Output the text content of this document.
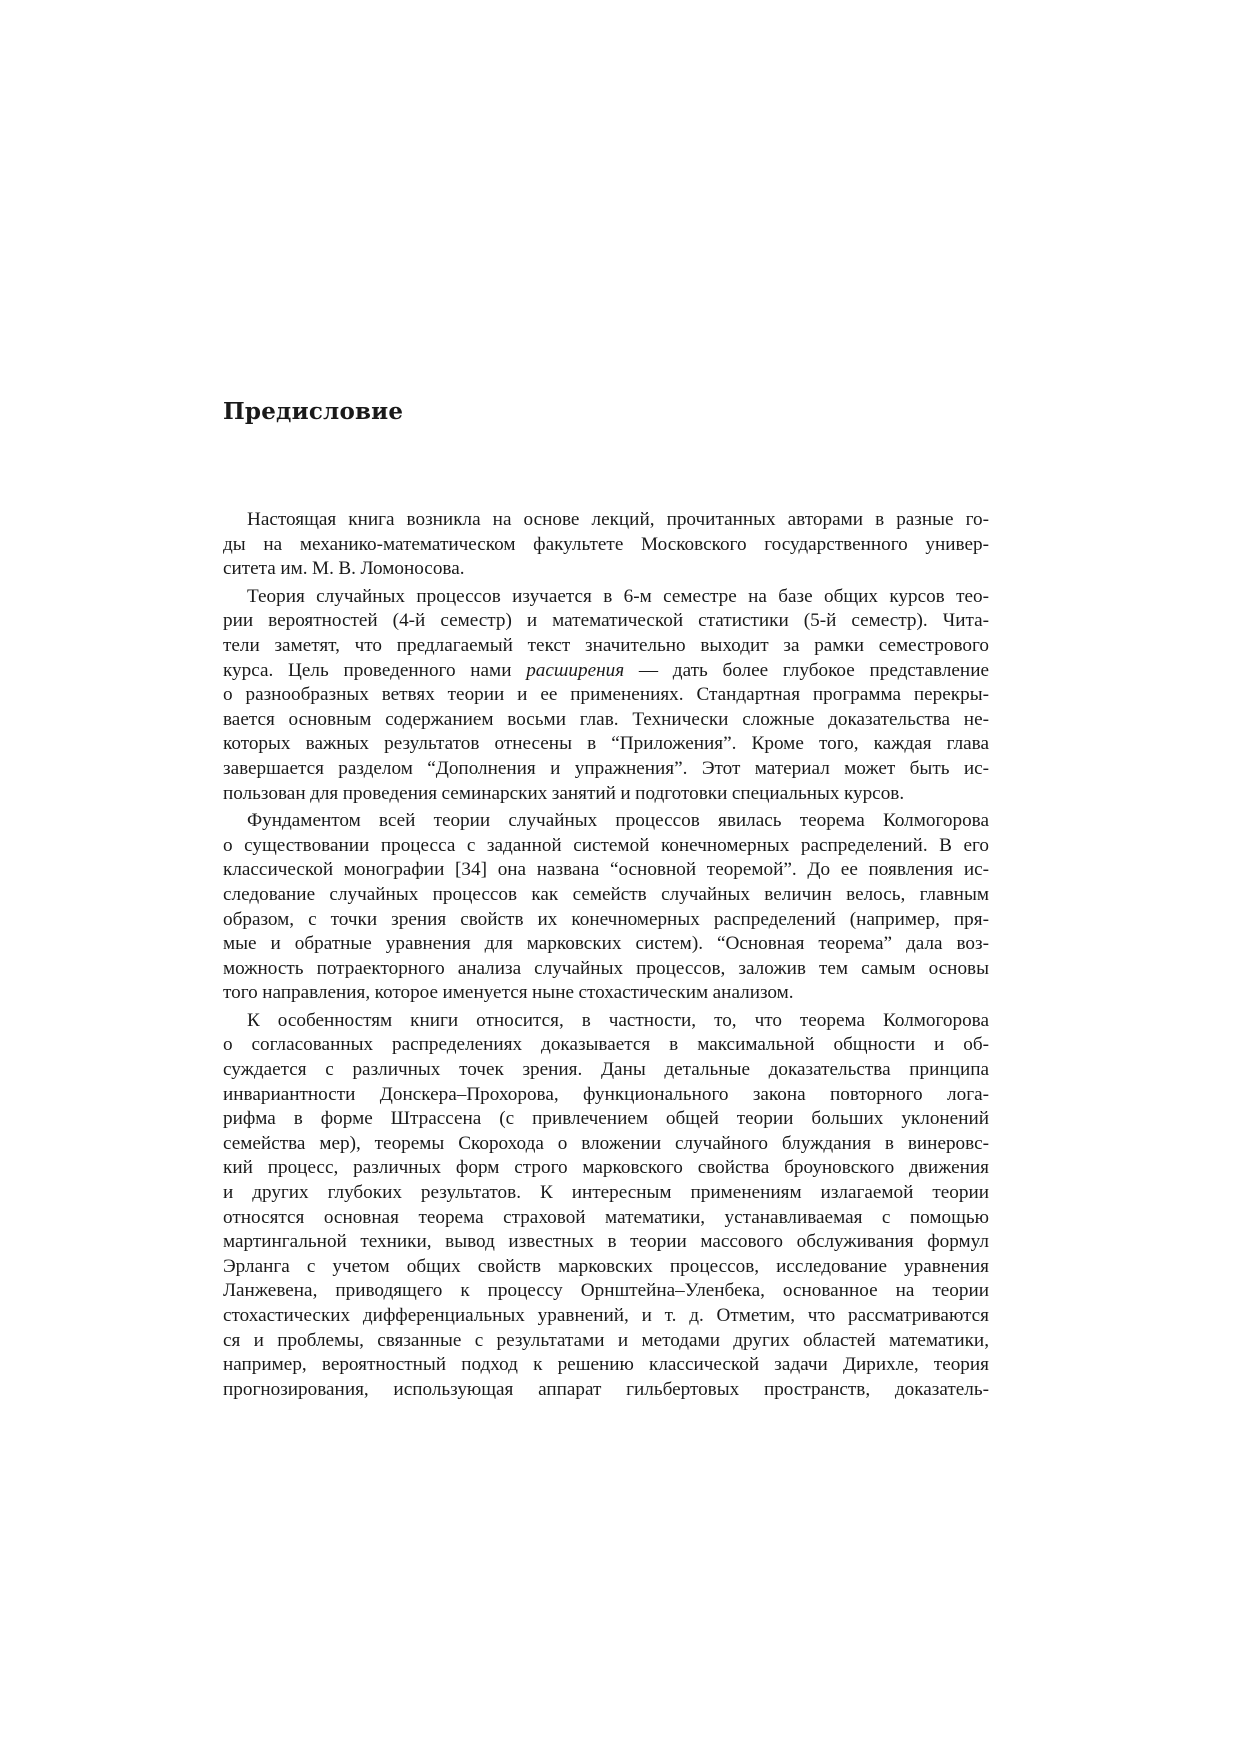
Предисловие
Настоящая книга возникла на основе лекций, прочитанных авторами в разные го-
ды на механико-математическом факультете Московского государственного универ-
ситета им. М. В. Ломоносова.
Теория случайных процессов изучается в 6-м семестре на базе общих курсов тео-
рии вероятностей (4-й семестр) и математической статистики (5-й семестр). Чита-
тели заметят, что предлагаемый текст значительно выходит за рамки семестрового
курса. Цель проведенного нами расширения — дать более глубокое представление
о разнообразных ветвях теории и ее применениях. Стандартная программа перекры-
вается основным содержанием восьми глав. Технически сложные доказательства не-
которых важных результатов отнесены в “Приложения”. Кроме того, каждая глава
завершается разделом “Дополнения и упражнения”. Этот материал может быть ис-
пользован для проведения семинарских занятий и подготовки специальных курсов.
Фундаментом всей теории случайных процессов явилась теорема Колмогорова
о существовании процесса с заданной системой конечномерных распределений. В его
классической монографии [34] она названа “основной теоремой”. До ее появления ис-
следование случайных процессов как семейств случайных величин велось, главным
образом, с точки зрения свойств их конечномерных распределений (например, пря-
мые и обратные уравнения для марковских систем). “Основная теорема” дала воз-
можность потраекторного анализа случайных процессов, заложив тем самым основы
того направления, которое именуется ныне стохастическим анализом.
К особенностям книги относится, в частности, то, что теорема Колмогорова
о согласованных распределениях доказывается в максимальной общности и об-
суждается с различных точек зрения. Даны детальные доказательства принципа
инвариантности Донскера–Прохорова, функционального закона повторного лога-
рифма в форме Штрассена (с привлечением общей теории больших уклонений
семейства мер), теоремы Скорохода о вложении случайного блуждания в винеровс-
кий процесс, различных форм строго марковского свойства броуновского движения
и других глубоких результатов. К интересным применениям излагаемой теории
относятся основная теорема страховой математики, устанавливаемая с помощью
мартингальной техники, вывод известных в теории массового обслуживания формул
Эрланга с учетом общих свойств марковских процессов, исследование уравнения
Ланжевена, приводящего к процессу Орнштейна–Уленбека, основанное на теории
стохастических дифференциальных уравнений, и т. д. Отметим, что рассматриваются
ся и проблемы, связанные с результатами и методами других областей математики,
например, вероятностный подход к решению классической задачи Дирихле, теория
прогнозирования, использующая аппарат гильбертовых пространств, доказатель-
